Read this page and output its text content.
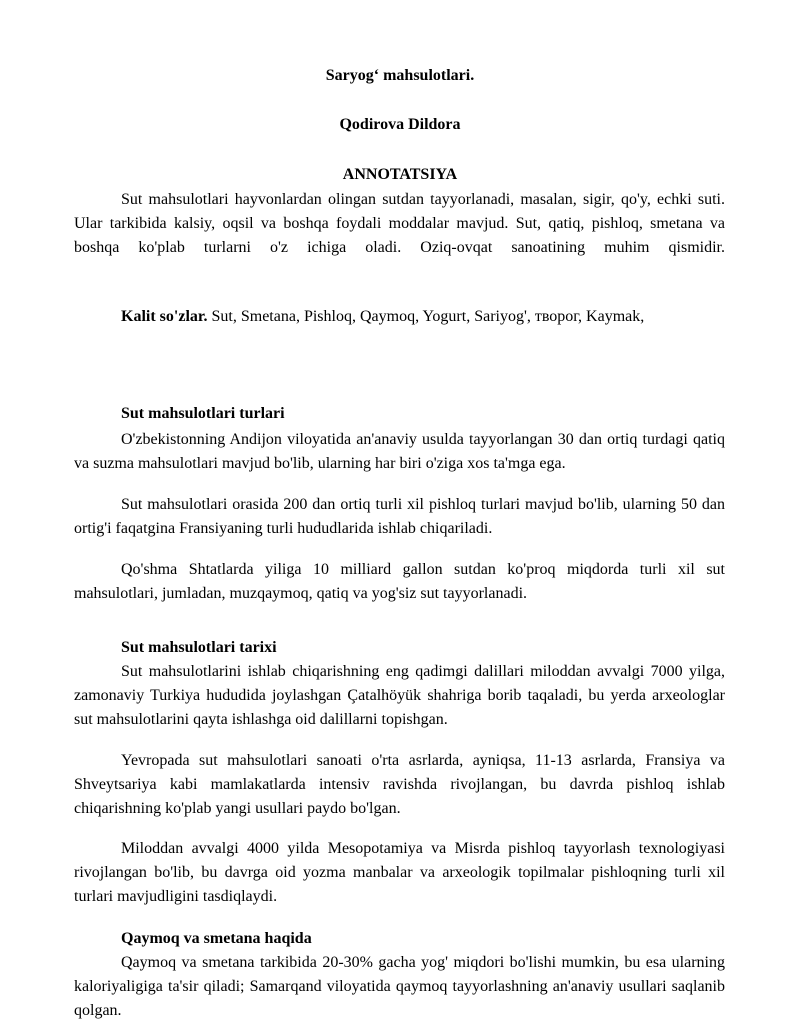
Saryog‘ mahsulotlari.
Qodirova Dildora
ANNOTATSIYA

Sut mahsulotlari hayvonlardan olingan sutdan tayyorlanadi, masalan, sigir, qo'y, echki suti. Ular tarkibida kalsiy, oqsil va boshqa foydali moddalar mavjud. Sut, qatiq, pishloq, smetana va boshqa ko'plab turlarni o'z ichiga oladi. Oziq-ovqat sanoatining muhim qismidir.

Kalit so'zlar. Sut, Smetana, Pishloq, Qaymoq, Yogurt, Sariyog', творог, Kaymak,

Sut mahsulotlari turlari

O'zbekistonning Andijon viloyatida an'anaviy usulda tayyorlangan 30 dan ortiq turdagi qatiq va suzma mahsulotlari mavjud bo'lib, ularning har biri o'ziga xos ta'mga ega.

Sut mahsulotlari orasida 200 dan ortiq turli xil pishloq turlari mavjud bo'lib, ularning 50 dan ortig'i faqatgina Fransiyaning turli hududlarida ishlab chiqariladi.

Qo'shma Shtatlarda yiliga 10 milliard gallon sutdan ko'proq miqdorda turli xil sut mahsulotlari, jumladan, muzqaymoq, qatiq va yog'siz sut tayyorlanadi.

Sut mahsulotlari tarixi

Sut mahsulotlarini ishlab chiqarishning eng qadimgi dalillari miloddan avvalgi 7000 yilga, zamonaviy Turkiya hududida joylashgan Çatalhöyük shahriga borib taqaladi, bu yerda arxeologlar sut mahsulotlarini qayta ishlashga oid dalillarni topishgan.

Yevropada sut mahsulotlari sanoati o'rta asrlarda, ayniqsa, 11-13 asrlarda, Fransiya va Shveytsariya kabi mamlakatlarda intensiv ravishda rivojlangan, bu davrda pishloq ishlab chiqarishning ko'plab yangi usullari paydo bo'lgan.

Miloddan avvalgi 4000 yilda Mesopotamiya va Misrda pishloq tayyorlash texnologiyasi rivojlangan bo'lib, bu davrga oid yozma manbalar va arxeologik topilmalar pishloqning turli xil turlari mavjudligini tasdiqlaydi.

Qaymoq va smetana haqida

Qaymoq va smetana tarkibida 20-30% gacha yog' miqdori bo'lishi mumkin, bu esa ularning kaloriyaligiga ta'sir qiladi; Samarqand viloyatida qaymoq tayyorlashning an'anaviy usullari saqlanib qolgan.
